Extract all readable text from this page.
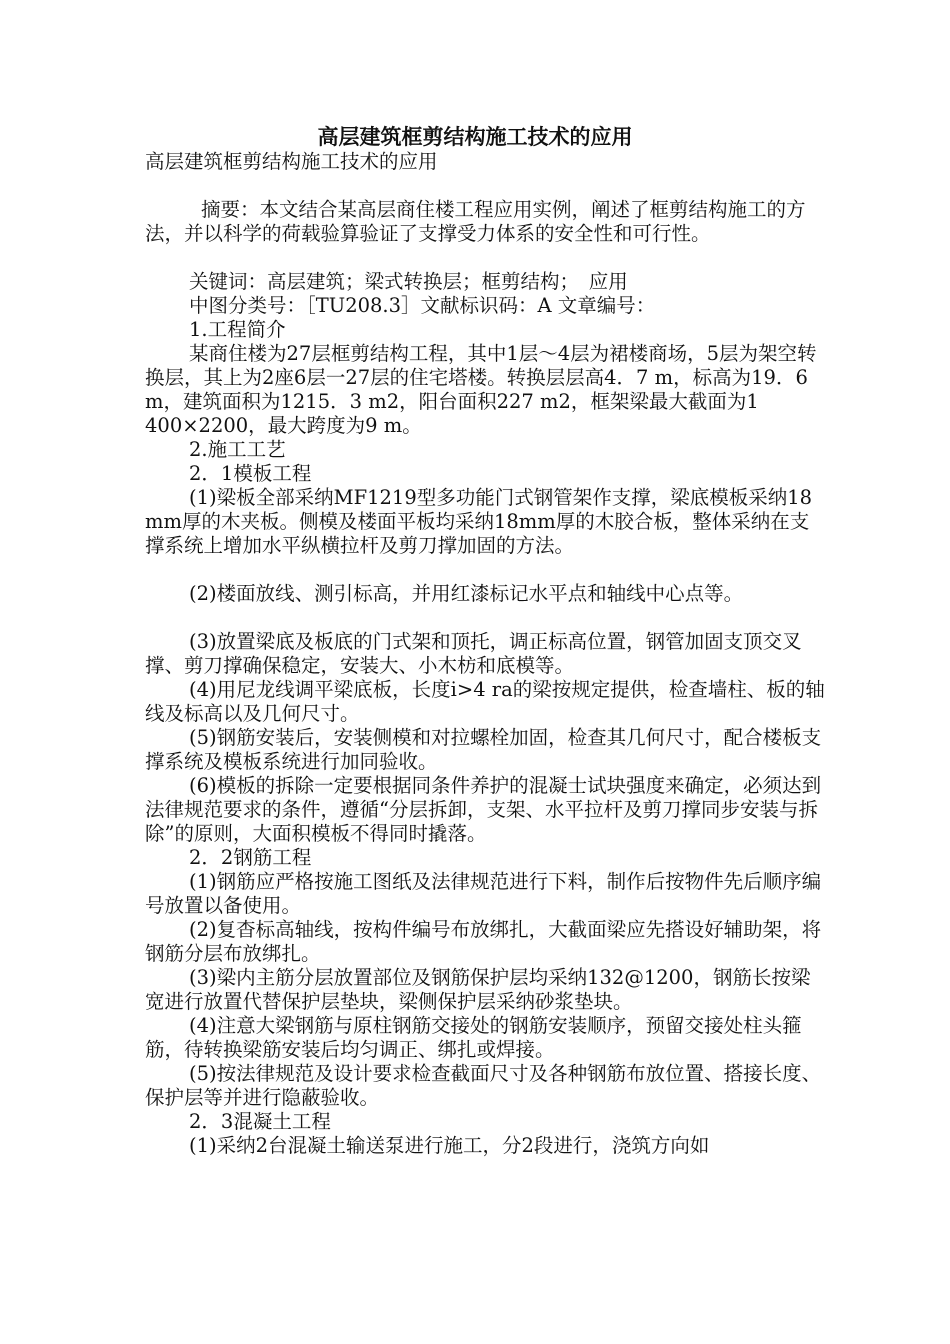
高层建筑框剪结构施工技术的应用

高层建筑框剪结构施工技术的应用

摘要：本文结合某高层商住楼工程应用实例，阐述了框剪结构施工的方法，并以科学的荷载验算验证了支撑受力体系的安全性和可行性。

关键词：高层建筑；梁式转换层；框剪结构；　应用

中图分类号：［TU208.3］文献标识码：A 文章编号：

1.工程简介

某商住楼为27层框剪结构工程，其中1层～4层为裙楼商场，5层为架空转换层，其上为2座6层一27层的住宅塔楼。转换层层高4．7 m，标高为19．6 m，建筑面积为1215．3 m2，阳台面积227 m2，框架梁最大截面为1 400×2200，最大跨度为9 m。

2.施工工艺

2．1模板工程

(1)梁板全部采纳MF1219型多功能门式钢管架作支撑，梁底模板采纳18 mm厚的木夹板。侧模及楼面平板均采纳18mm厚的木胶合板，整体采纳在支撑系统上增加水平纵横拉杆及剪刀撑加固的方法。

(2)楼面放线、测引标高，并用红漆标记水平点和轴线中心点等。

(3)放置梁底及板底的门式架和顶托，调正标高位置，钢管加固支顶交叉撑、剪刀撑确保稳定，安装大、小木枋和底模等。

(4)用尼龙线调平梁底板，长度i>4 ra的梁按规定提供，检查墙柱、板的轴线及标高以及几何尺寸。

(5)钢筋安装后，安装侧模和对拉螺栓加固，检查其几何尺寸，配合楼板支撑系统及模板系统进行加同验收。

(6)模板的拆除一定要根据同条件养护的混凝士试块强度来确定，必须达到法律规范要求的条件，遵循“分层拆卸，支架、水平拉杆及剪刀撑同步安装与拆除”的原则，大面积模板不得同时撬落。

2．2钢筋工程

(1)钢筋应严格按施工图纸及法律规范进行下料，制作后按物件先后顺序编号放置以备使用。

(2)复杳标高轴线，按构件编号布放绑扎，大截面梁应先搭设好辅助架，将钢筋分层布放绑扎。

(3)梁内主筋分层放置部位及钢筋保护层均采纳132@1200，钢筋长按梁宽进行放置代替保护层垫块，梁侧保护层采纳砂浆垫块。

(4)注意大梁钢筋与原柱钢筋交接处的钢筋安装顺序，预留交接处柱头箍筋，待转换梁筋安装后均匀调正、绑扎或焊接。

(5)按法律规范及设计要求检查截面尺寸及各种钢筋布放位置、搭接长度、保护层等并进行隐蔽验收。

2．3混凝土工程

(1)采纳2台混凝土输送泵进行施工，分2段进行，浇筑方向如
